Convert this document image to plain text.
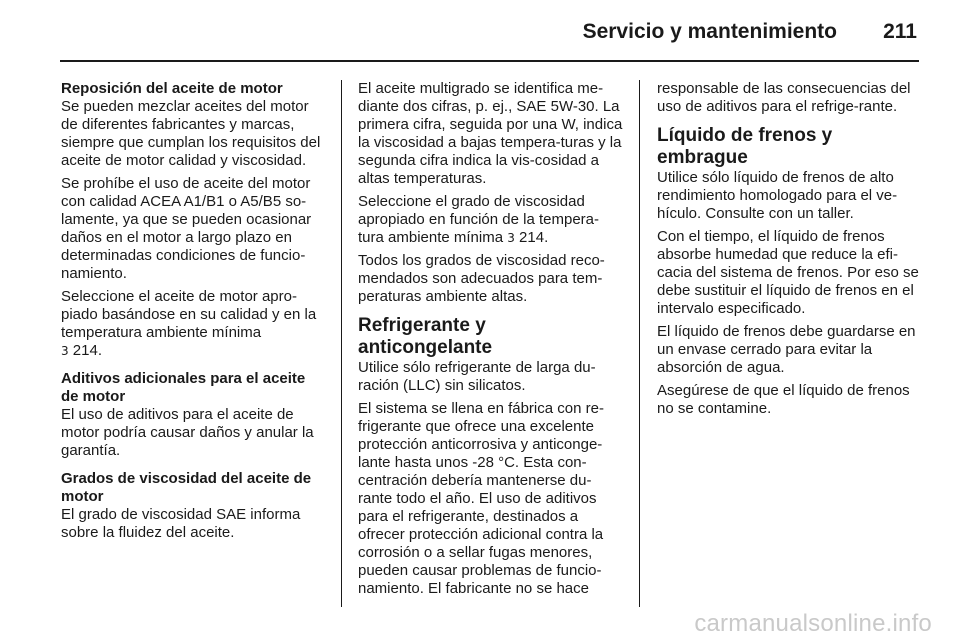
Servicio y mantenimiento 211
Reposición del aceite de motor

Se pueden mezclar aceites del motor de diferentes fabricantes y marcas, siempre que cumplan los requisitos del aceite de motor calidad y viscosidad.

Se prohíbe el uso de aceite del motor con calidad ACEA A1/B1 o A5/B5 so-lamente, ya que se pueden ocasionar daños en el motor a largo plazo en determinadas condiciones de funcio-namiento.

Seleccione el aceite de motor apro-piado basándose en su calidad y en la temperatura ambiente mínima
3 214.

Aditivos adicionales para el aceite de motor

El uso de aditivos para el aceite de motor podría causar daños y anular la garantía.

Grados de viscosidad del aceite de motor

El grado de viscosidad SAE informa sobre la fluidez del aceite.

El aceite multigrado se identifica me-diante dos cifras, p. ej., SAE 5W-30. La primera cifra, seguida por una W, indica la viscosidad a bajas tempera-turas y la segunda cifra indica la vis-cosidad a altas temperaturas.

Seleccione el grado de viscosidad apropiado en función de la tempera-tura ambiente mínima 3 214.

Todos los grados de viscosidad reco-mendados son adecuados para tem-peraturas ambiente altas.

Refrigerante y anticongelante

Utilice sólo refrigerante de larga du-ración (LLC) sin silicatos.

El sistema se llena en fábrica con re-frigerante que ofrece una excelente protección anticorrosiva y anticonge-lante hasta unos -28 °C. Esta con-centración debería mantenerse du-rante todo el año. El uso de aditivos para el refrigerante, destinados a ofrecer protección adicional contra la corrosión o a sellar fugas menores, pueden causar problemas de funcio-namiento. El fabricante no se hace

responsable de las consecuencias del uso de aditivos para el refrige-rante.

Líquido de frenos y embrague

Utilice sólo líquido de frenos de alto rendimiento homologado para el ve-hículo. Consulte con un taller.

Con el tiempo, el líquido de frenos absorbe humedad que reduce la efi-cacia del sistema de frenos. Por eso se debe sustituir el líquido de frenos en el intervalo especificado.

El líquido de frenos debe guardarse en un envase cerrado para evitar la absorción de agua.

Asegúrese de que el líquido de frenos no se contamine.

carmanualsonline.info
